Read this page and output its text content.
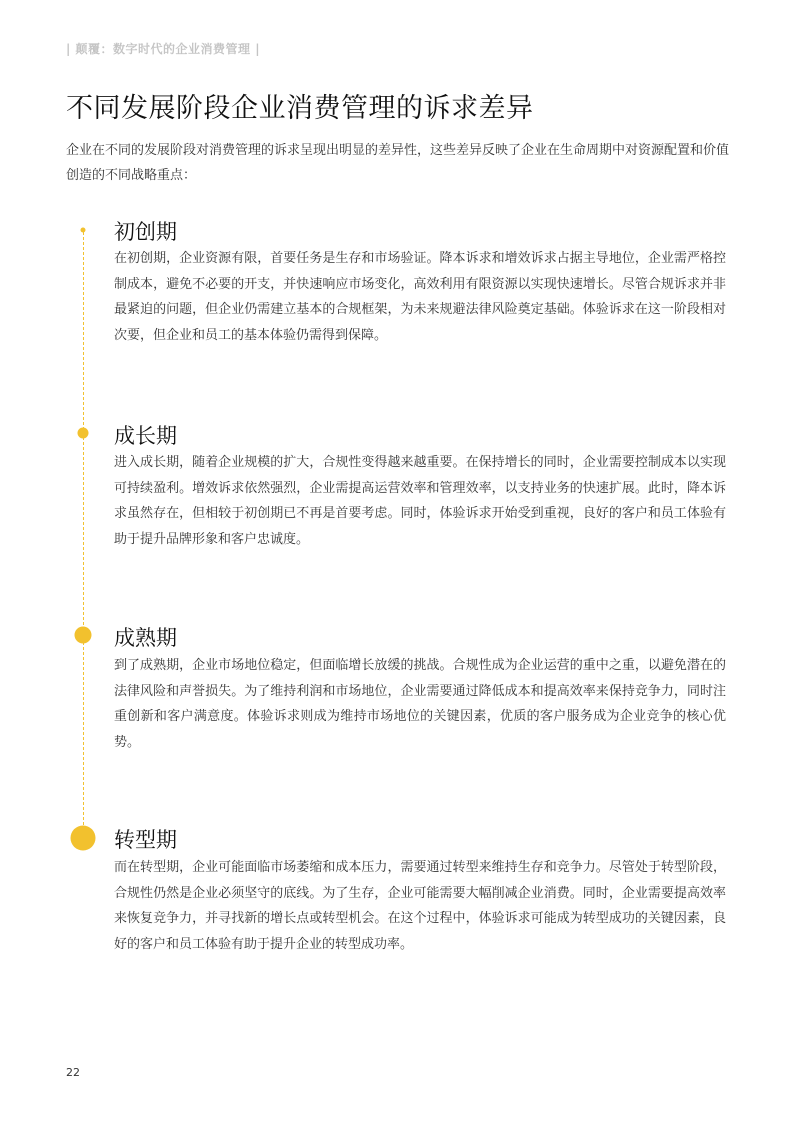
| 颠覆：数字时代的企业消费管理 |
不同发展阶段企业消费管理的诉求差异

企业在不同的发展阶段对消费管理的诉求呈现出明显的差异性，这些差异反映了企业在生命周期中对资源配置和价值创造的不同战略重点：

初创期

在初创期，企业资源有限，首要任务是生存和市场验证。降本诉求和增效诉求占据主导地位，企业需严格控制成本，避免不必要的开支，并快速响应市场变化，高效利用有限资源以实现快速增长。尽管合规诉求并非最紧迫的问题，但企业仍需建立基本的合规框架，为未来规避法律风险奠定基础。体验诉求在这一阶段相对次要，但企业和员工的基本体验仍需得到保障。

成长期

进入成长期，随着企业规模的扩大，合规性变得越来越重要。在保持增长的同时，企业需要控制成本以实现可持续盈利。增效诉求依然强烈，企业需提高运营效率和管理效率，以支持业务的快速扩展。此时，降本诉求虽然存在，但相较于初创期已不再是首要考虑。同时，体验诉求开始受到重视，良好的客户和员工体验有助于提升品牌形象和客户忠诚度。

成熟期

到了成熟期，企业市场地位稳定，但面临增长放缓的挑战。合规性成为企业运营的重中之重，以避免潜在的法律风险和声誉损失。为了维持利润和市场地位，企业需要通过降低成本和提高效率来保持竞争力，同时注重创新和客户满意度。体验诉求则成为维持市场地位的关键因素，优质的客户服务成为企业竞争的核心优势。

转型期

而在转型期，企业可能面临市场萎缩和成本压力，需要通过转型来维持生存和竞争力。尽管处于转型阶段，合规性仍然是企业必须坚守的底线。为了生存，企业可能需要大幅削减企业消费。同时，企业需要提高效率来恢复竞争力，并寻找新的增长点或转型机会。在这个过程中，体验诉求可能成为转型成功的关键因素，良好的客户和员工体验有助于提升企业的转型成功率。

22
